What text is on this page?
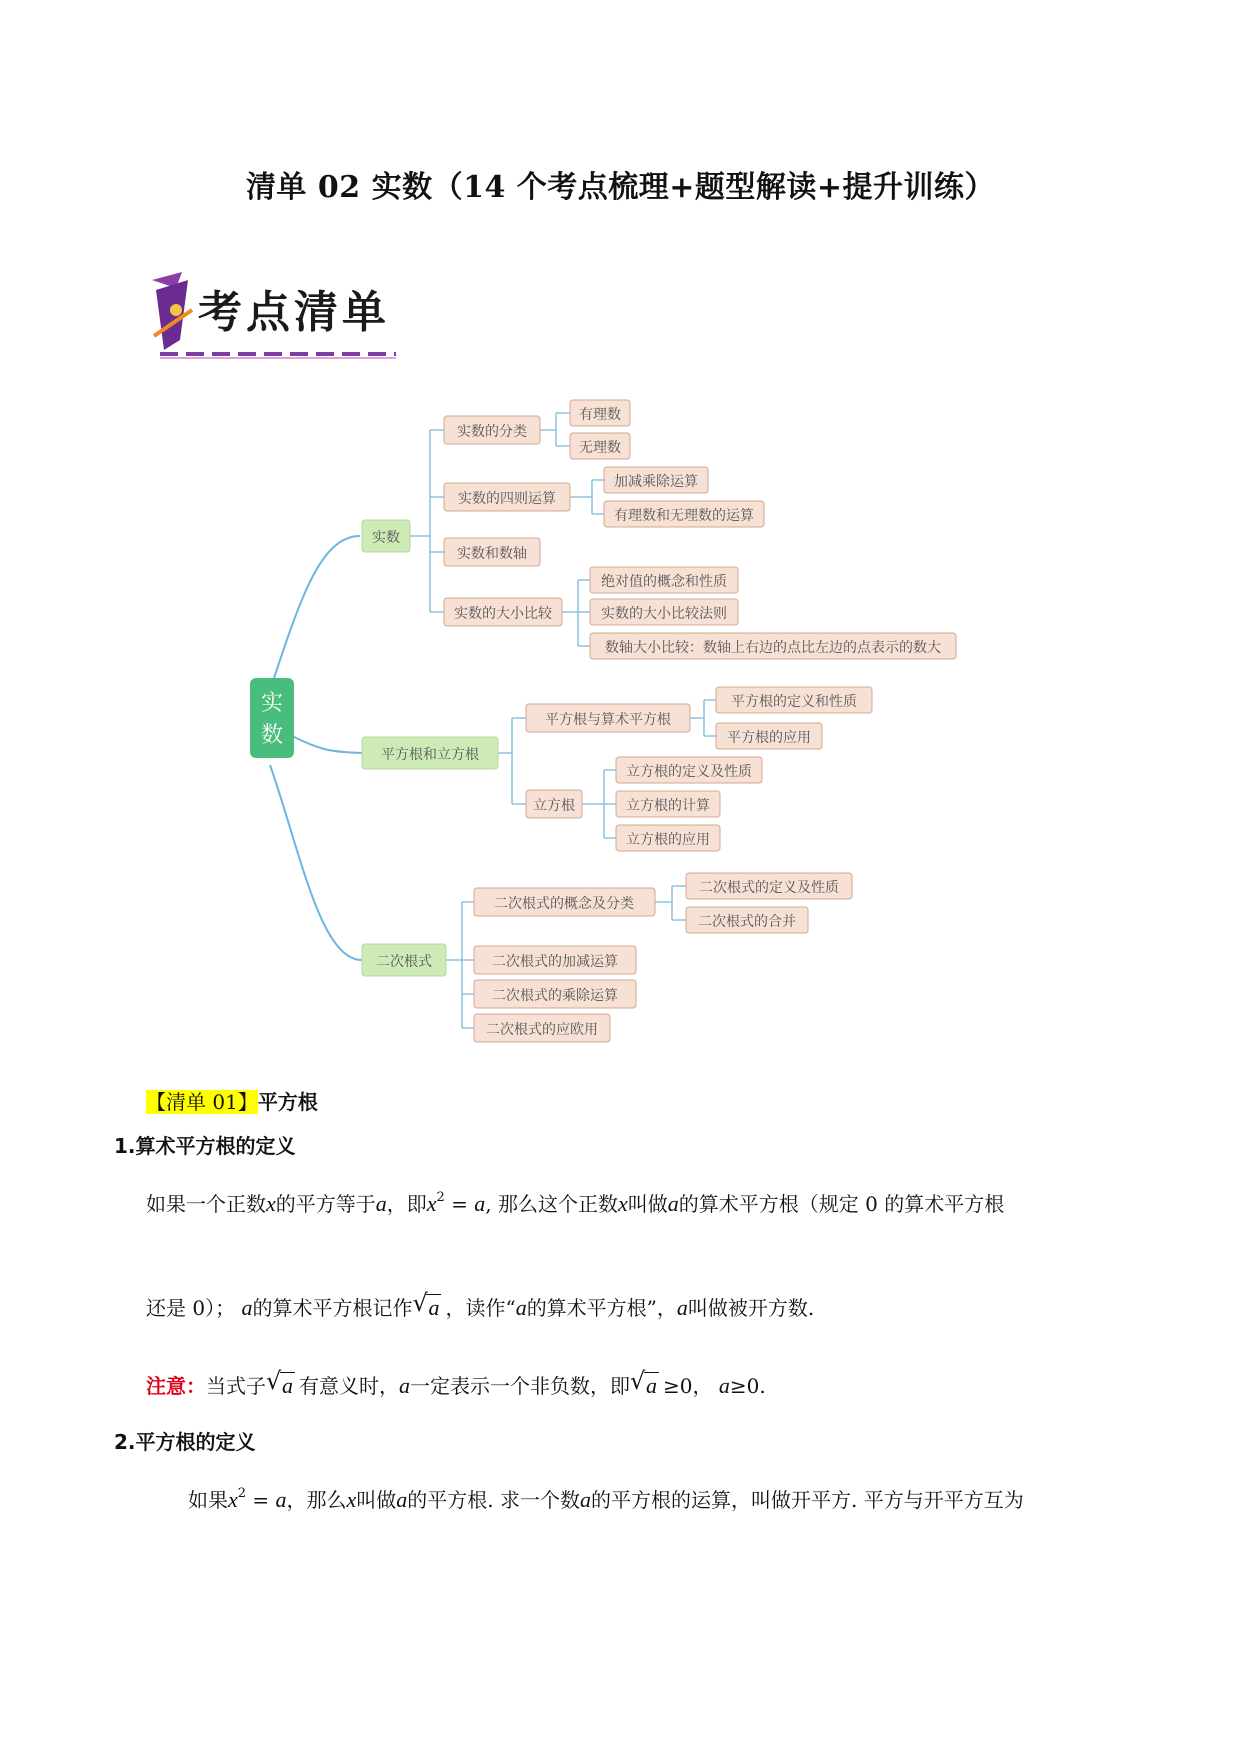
清单 02 实数（14 个考点梳理+题型解读+提升训练）
考点清单
实
数
实数
平方根和立方根
二次根式
实数的分类
实数的四则运算
实数和数轴
实数的大小比较
有理数
无理数
加减乘除运算
有理数和无理数的运算
绝对值的概念和性质
实数的大小比较法则
数轴大小比较：数轴上右边的点比左边的点表示的数大
平方根与算术平方根
立方根
平方根的定义和性质
平方根的应用
立方根的定义及性质
立方根的计算
立方根的应用
二次根式的概念及分类
二次根式的加减运算
二次根式的乘除运算
二次根式的应欧用
二次根式的定义及性质
二次根式的合并
【清单 01】平方根
1.算术平方根的定义
如果一个正数x的平方等于a，即$x^2 = a$, 那么这个正数x叫做a的算术平方根（规定 0 的算术平方根
还是 0）； a的算术平方根记作 √ a ，读作“a的算术平方根”，a叫做被开方数.
注意：当式子 √ a 有意义时，a一定表示一个非负数，即 √ a ≥0， a≥0.
2.平方根的定义
如果$x^2 = a$，那么x叫做a的平方根. 求一个数a的平方根的运算，叫做开平方. 平方与开平方互为
